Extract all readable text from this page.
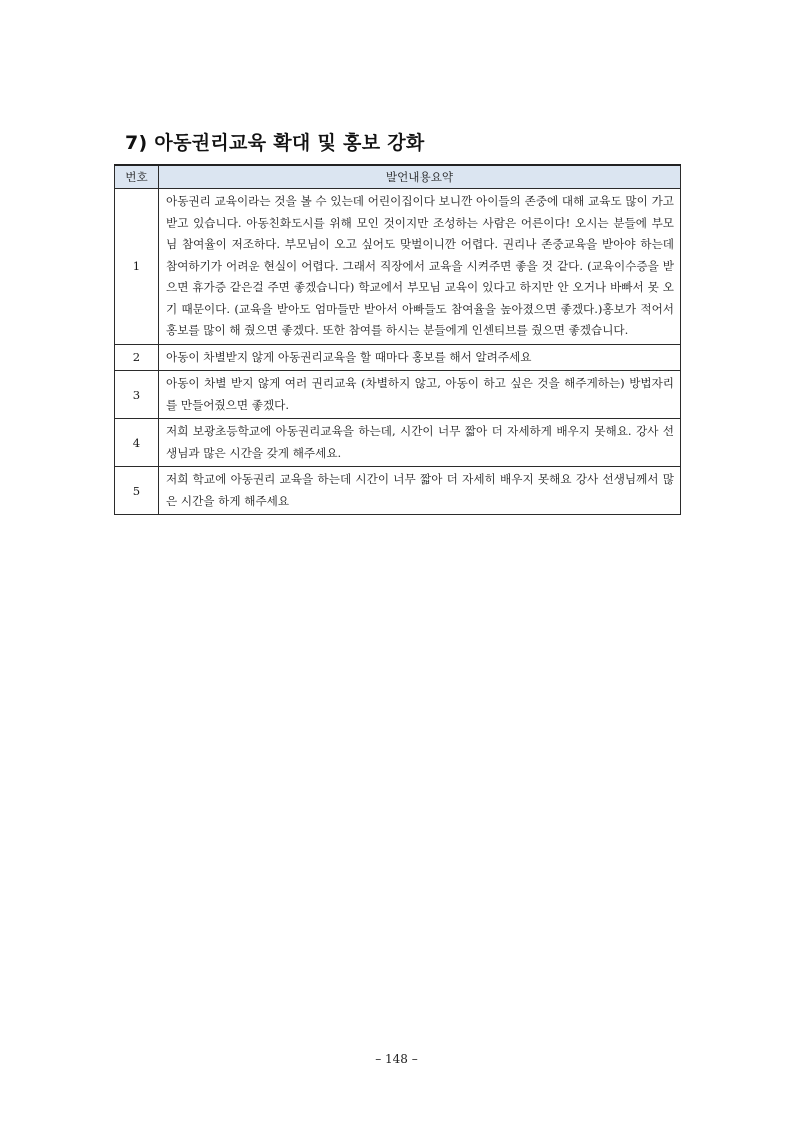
7) 아동권리교육 확대 및 홍보 강화
번호	발언내용요약
1	아동권리 교육이라는 것을 볼 수 있는데 어린이집이다 보니깐 아이들의 존중에 대해 교육도 많이 가고 받고 있습니다. 아동친화도시를 위해 모인 것이지만 조성하는 사람은 어른이다! 오시는 분들에 부모님 참여율이 저조하다. 부모님이 오고 싶어도 맞벌이니깐 어렵다. 권리나 존중교육을 받아야 하는데 참여하기가 어려운 현실이 어렵다. 그래서 직장에서 교육을 시켜주면 좋을 것 같다. (교육이수증을 받으면 휴가증 같은걸 주면 좋겠습니다) 학교에서 부모님 교육이 있다고 하지만 안 오거나 바빠서 못 오기 때문이다. (교육을 받아도 엄마들만 받아서 아빠들도 참여율을 높아졌으면 좋겠다.)홍보가 적어서 홍보를 많이 해 줬으면 좋겠다. 또한 참여를 하시는 분들에게 인센티브를 줬으면 좋겠습니다.
2	아동이 차별받지 않게 아동권리교육을 할 때마다 홍보를 해서 알려주세요
3	아동이 차별 받지 않게 여러 권리교육 (차별하지 않고, 아동이 하고 싶은 것을 해주게하는) 방법자리를 만들어줬으면 좋겠다.
4	저희 보광초등학교에 아동권리교육을 하는데, 시간이 너무 짧아 더 자세하게 배우지 못해요. 강사 선생님과 많은 시간을 갖게 해주세요.
5	저희 학교에 아동권리 교육을 하는데 시간이 너무 짧아 더 자세히 배우지 못해요 강사 선생님께서 많은 시간을 하게 해주세요
– 148 –
